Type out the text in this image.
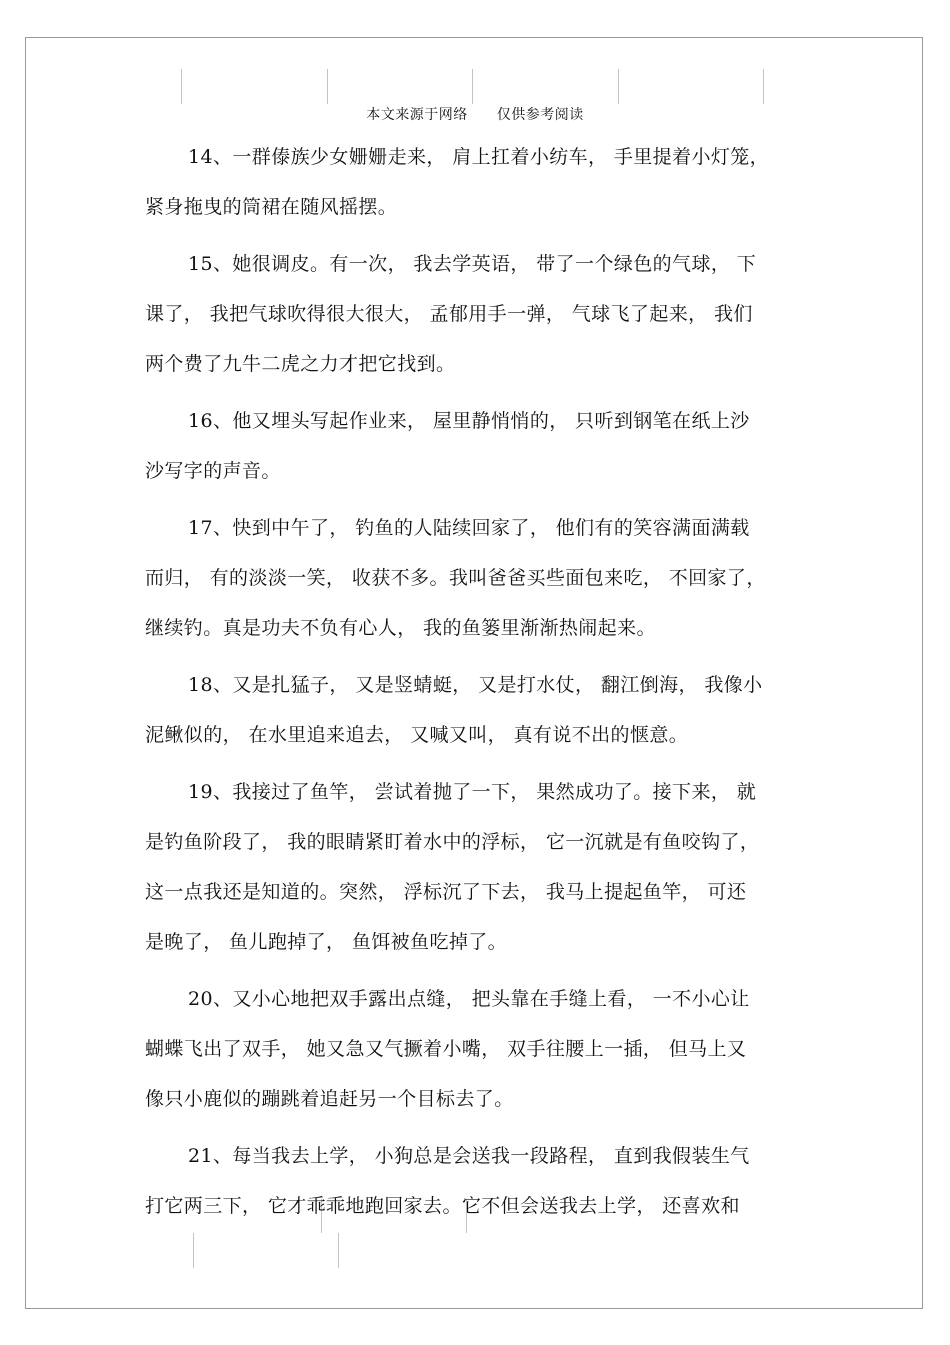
本文来源于网络 仅供参考阅读

14、一群傣族少女姗姗走来， 肩上扛着小纺车， 手里提着小灯笼，
紧身拖曳的筒裙在随风摇摆。

15、她很调皮。有一次， 我去学英语， 带了一个绿色的气球， 下
课了， 我把气球吹得很大很大， 孟郁用手一弹， 气球飞了起来， 我们
两个费了九牛二虎之力才把它找到。

16、他又埋头写起作业来， 屋里静悄悄的， 只听到钢笔在纸上沙
沙写字的声音。

17、快到中午了， 钓鱼的人陆续回家了， 他们有的笑容满面满载
而归， 有的淡淡一笑， 收获不多。我叫爸爸买些面包来吃， 不回家了，
继续钓。真是功夫不负有心人， 我的鱼篓里渐渐热闹起来。

18、又是扎猛子， 又是竖蜻蜓， 又是打水仗， 翻江倒海， 我像小
泥鳅似的， 在水里追来追去， 又喊又叫， 真有说不出的惬意。

19、我接过了鱼竿， 尝试着抛了一下， 果然成功了。接下来， 就
是钓鱼阶段了， 我的眼睛紧盯着水中的浮标， 它一沉就是有鱼咬钩了，
这一点我还是知道的。突然， 浮标沉了下去， 我马上提起鱼竿， 可还
是晚了， 鱼儿跑掉了， 鱼饵被鱼吃掉了。

20、又小心地把双手露出点缝， 把头靠在手缝上看， 一不小心让
蝴蝶飞出了双手， 她又急又气撅着小嘴， 双手往腰上一插， 但马上又
像只小鹿似的蹦跳着追赶另一个目标去了。

21、每当我去上学， 小狗总是会送我一段路程， 直到我假装生气
打它两三下， 它才乖乖地跑回家去。它不但会送我去上学， 还喜欢和
